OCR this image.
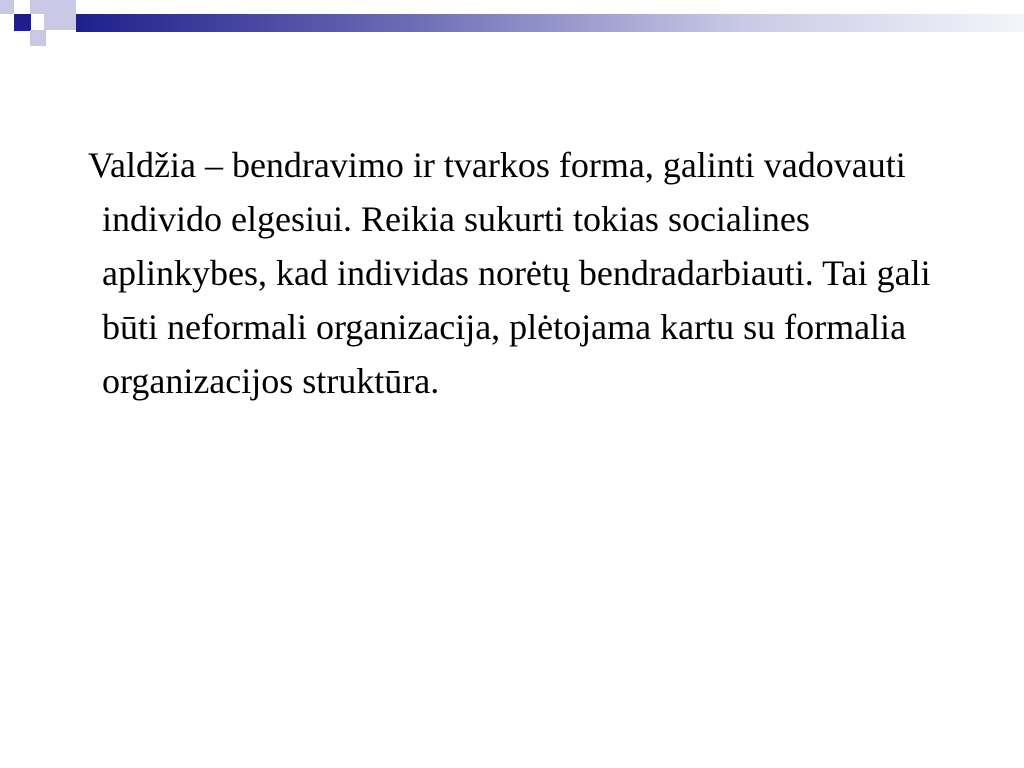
Valdžia – bendravimo ir tvarkos forma, galinti vadovauti individo elgesiui. Reikia sukurti tokias socialines aplinkybes, kad individas norėtų bendradarbiauti. Tai gali būti neformali organizacija, plėtojama kartu su formalia organizacijos struktūra.
